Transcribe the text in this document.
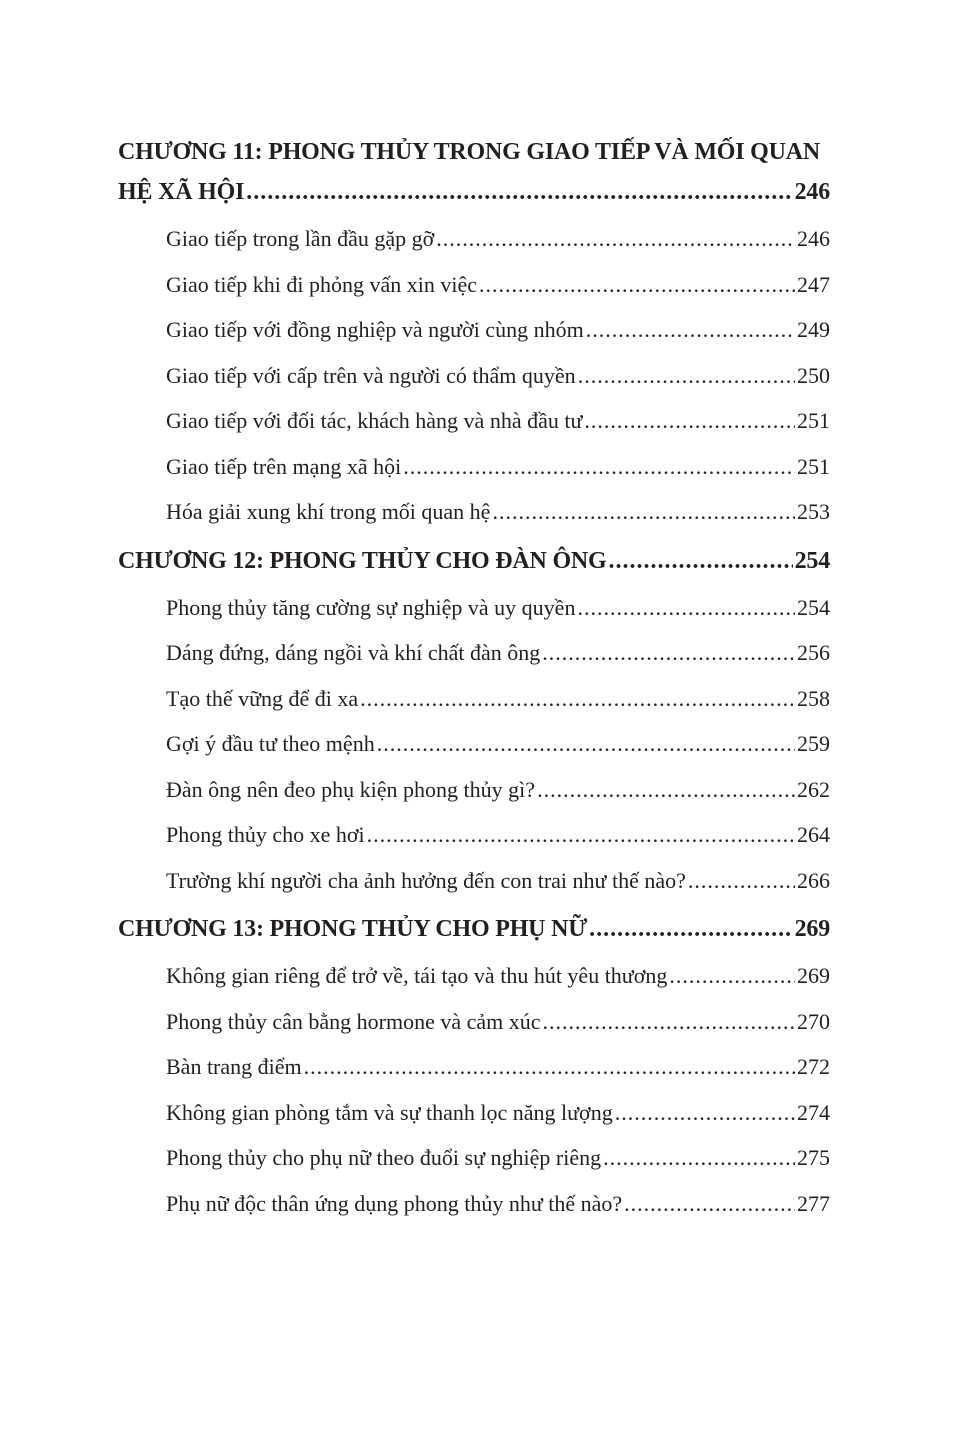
CHƯƠNG 11: PHONG THỦY TRONG GIAO TIẾP VÀ MỐI QUAN
HỆ XÃ HỘI .....	246
Giao tiếp trong lần đầu gặp gỡ .....	246
Giao tiếp khi đi phỏng vấn xin việc .....	247
Giao tiếp với đồng nghiệp và người cùng nhóm .....	249
Giao tiếp với cấp trên và người có thẩm quyền .....	250
Giao tiếp với đối tác, khách hàng và nhà đầu tư .....	251
Giao tiếp trên mạng xã hội .....	251
Hóa giải xung khí trong mối quan hệ .....	253
CHƯƠNG 12: PHONG THỦY CHO ĐÀN ÔNG .....	254
Phong thủy tăng cường sự nghiệp và uy quyền .....	254
Dáng đứng, dáng ngồi và khí chất đàn ông .....	256
Tạo thế vững để đi xa .....	258
Gợi ý đầu tư theo mệnh .....	259
Đàn ông nên đeo phụ kiện phong thủy gì? .....	262
Phong thủy cho xe hơi .....	264
Trường khí người cha ảnh hưởng đến con trai như thế nào? .....	266
CHƯƠNG 13: PHONG THỦY CHO PHỤ NỮ .....	269
Không gian riêng để trở về, tái tạo và thu hút yêu thương .....	269
Phong thủy cân bằng hormone và cảm xúc .....	270
Bàn trang điểm .....	272
Không gian phòng tắm và sự thanh lọc năng lượng .....	274
Phong thủy cho phụ nữ theo đuổi sự nghiệp riêng .....	275
Phụ nữ độc thân ứng dụng phong thủy như thế nào? .....	277
